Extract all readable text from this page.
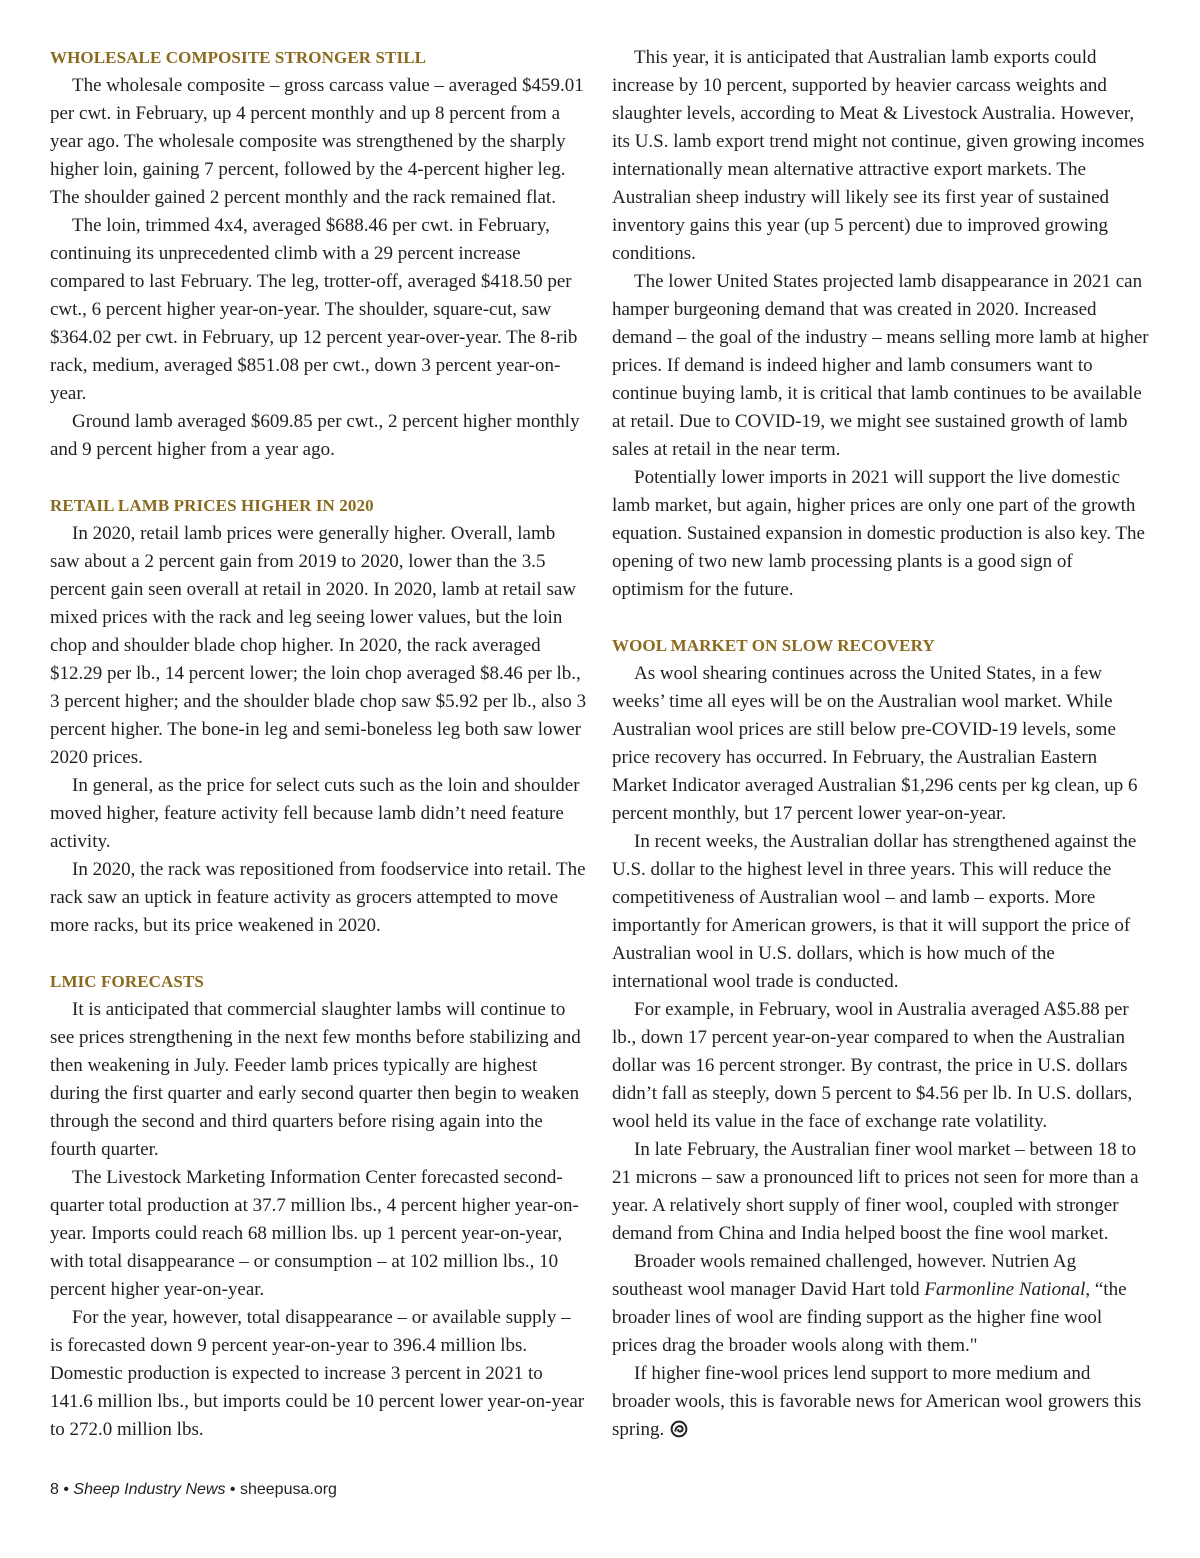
WHOLESALE COMPOSITE STRONGER STILL

The wholesale composite – gross carcass value – averaged $459.01 per cwt. in February, up 4 percent monthly and up 8 percent from a year ago. The wholesale composite was strengthened by the sharply higher loin, gaining 7 percent, followed by the 4-percent higher leg. The shoulder gained 2 percent monthly and the rack remained flat.

The loin, trimmed 4x4, averaged $688.46 per cwt. in February, continuing its unprecedented climb with a 29 percent increase compared to last February. The leg, trotter-off, averaged $418.50 per cwt., 6 percent higher year-on-year. The shoulder, square-cut, saw $364.02 per cwt. in February, up 12 percent year-over-year. The 8-rib rack, medium, averaged $851.08 per cwt., down 3 percent year-on-year.

Ground lamb averaged $609.85 per cwt., 2 percent higher monthly and 9 percent higher from a year ago.

RETAIL LAMB PRICES HIGHER IN 2020

In 2020, retail lamb prices were generally higher. Overall, lamb saw about a 2 percent gain from 2019 to 2020, lower than the 3.5 percent gain seen overall at retail in 2020. In 2020, lamb at retail saw mixed prices with the rack and leg seeing lower values, but the loin chop and shoulder blade chop higher. In 2020, the rack averaged $12.29 per lb., 14 percent lower; the loin chop averaged $8.46 per lb., 3 percent higher; and the shoulder blade chop saw $5.92 per lb., also 3 percent higher. The bone-in leg and semi-boneless leg both saw lower 2020 prices.

In general, as the price for select cuts such as the loin and shoulder moved higher, feature activity fell because lamb didn’t need feature activity.

In 2020, the rack was repositioned from foodservice into retail. The rack saw an uptick in feature activity as grocers attempted to move more racks, but its price weakened in 2020.

LMIC FORECASTS

It is anticipated that commercial slaughter lambs will continue to see prices strengthening in the next few months before stabilizing and then weakening in July. Feeder lamb prices typically are highest during the first quarter and early second quarter then begin to weaken through the second and third quarters before rising again into the fourth quarter.

The Livestock Marketing Information Center forecasted second-quarter total production at 37.7 million lbs., 4 percent higher year-on-year. Imports could reach 68 million lbs. up 1 percent year-on-year, with total disappearance – or consumption – at 102 million lbs., 10 percent higher year-on-year.

For the year, however, total disappearance – or available supply – is forecasted down 9 percent year-on-year to 396.4 million lbs. Domestic production is expected to increase 3 percent in 2021 to 141.6 million lbs., but imports could be 10 percent lower year-on-year to 272.0 million lbs.

This year, it is anticipated that Australian lamb exports could increase by 10 percent, supported by heavier carcass weights and slaughter levels, according to Meat & Livestock Australia. However, its U.S. lamb export trend might not continue, given growing incomes internationally mean alternative attractive export markets. The Australian sheep industry will likely see its first year of sustained inventory gains this year (up 5 percent) due to improved growing conditions.

The lower United States projected lamb disappearance in 2021 can hamper burgeoning demand that was created in 2020. Increased demand – the goal of the industry – means selling more lamb at higher prices. If demand is indeed higher and lamb consumers want to continue buying lamb, it is critical that lamb continues to be available at retail. Due to COVID-19, we might see sustained growth of lamb sales at retail in the near term.

Potentially lower imports in 2021 will support the live domestic lamb market, but again, higher prices are only one part of the growth equation. Sustained expansion in domestic production is also key. The opening of two new lamb processing plants is a good sign of optimism for the future.

WOOL MARKET ON SLOW RECOVERY

As wool shearing continues across the United States, in a few weeks’ time all eyes will be on the Australian wool market. While Australian wool prices are still below pre-COVID-19 levels, some price recovery has occurred. In February, the Australian Eastern Market Indicator averaged Australian $1,296 cents per kg clean, up 6 percent monthly, but 17 percent lower year-on-year.

In recent weeks, the Australian dollar has strengthened against the U.S. dollar to the highest level in three years. This will reduce the competitiveness of Australian wool – and lamb – exports. More importantly for American growers, is that it will support the price of Australian wool in U.S. dollars, which is how much of the international wool trade is conducted.

For example, in February, wool in Australia averaged A$5.88 per lb., down 17 percent year-on-year compared to when the Australian dollar was 16 percent stronger. By contrast, the price in U.S. dollars didn’t fall as steeply, down 5 percent to $4.56 per lb. In U.S. dollars, wool held its value in the face of exchange rate volatility.

In late February, the Australian finer wool market – between 18 to 21 microns – saw a pronounced lift to prices not seen for more than a year. A relatively short supply of finer wool, coupled with stronger demand from China and India helped boost the fine wool market.

Broader wools remained challenged, however. Nutrien Ag southeast wool manager David Hart told Farmonline National, “the broader lines of wool are finding support as the higher fine wool prices drag the broader wools along with them."

If higher fine-wool prices lend support to more medium and broader wools, this is favorable news for American wool growers this spring.

8 • Sheep Industry News • sheepusa.org
